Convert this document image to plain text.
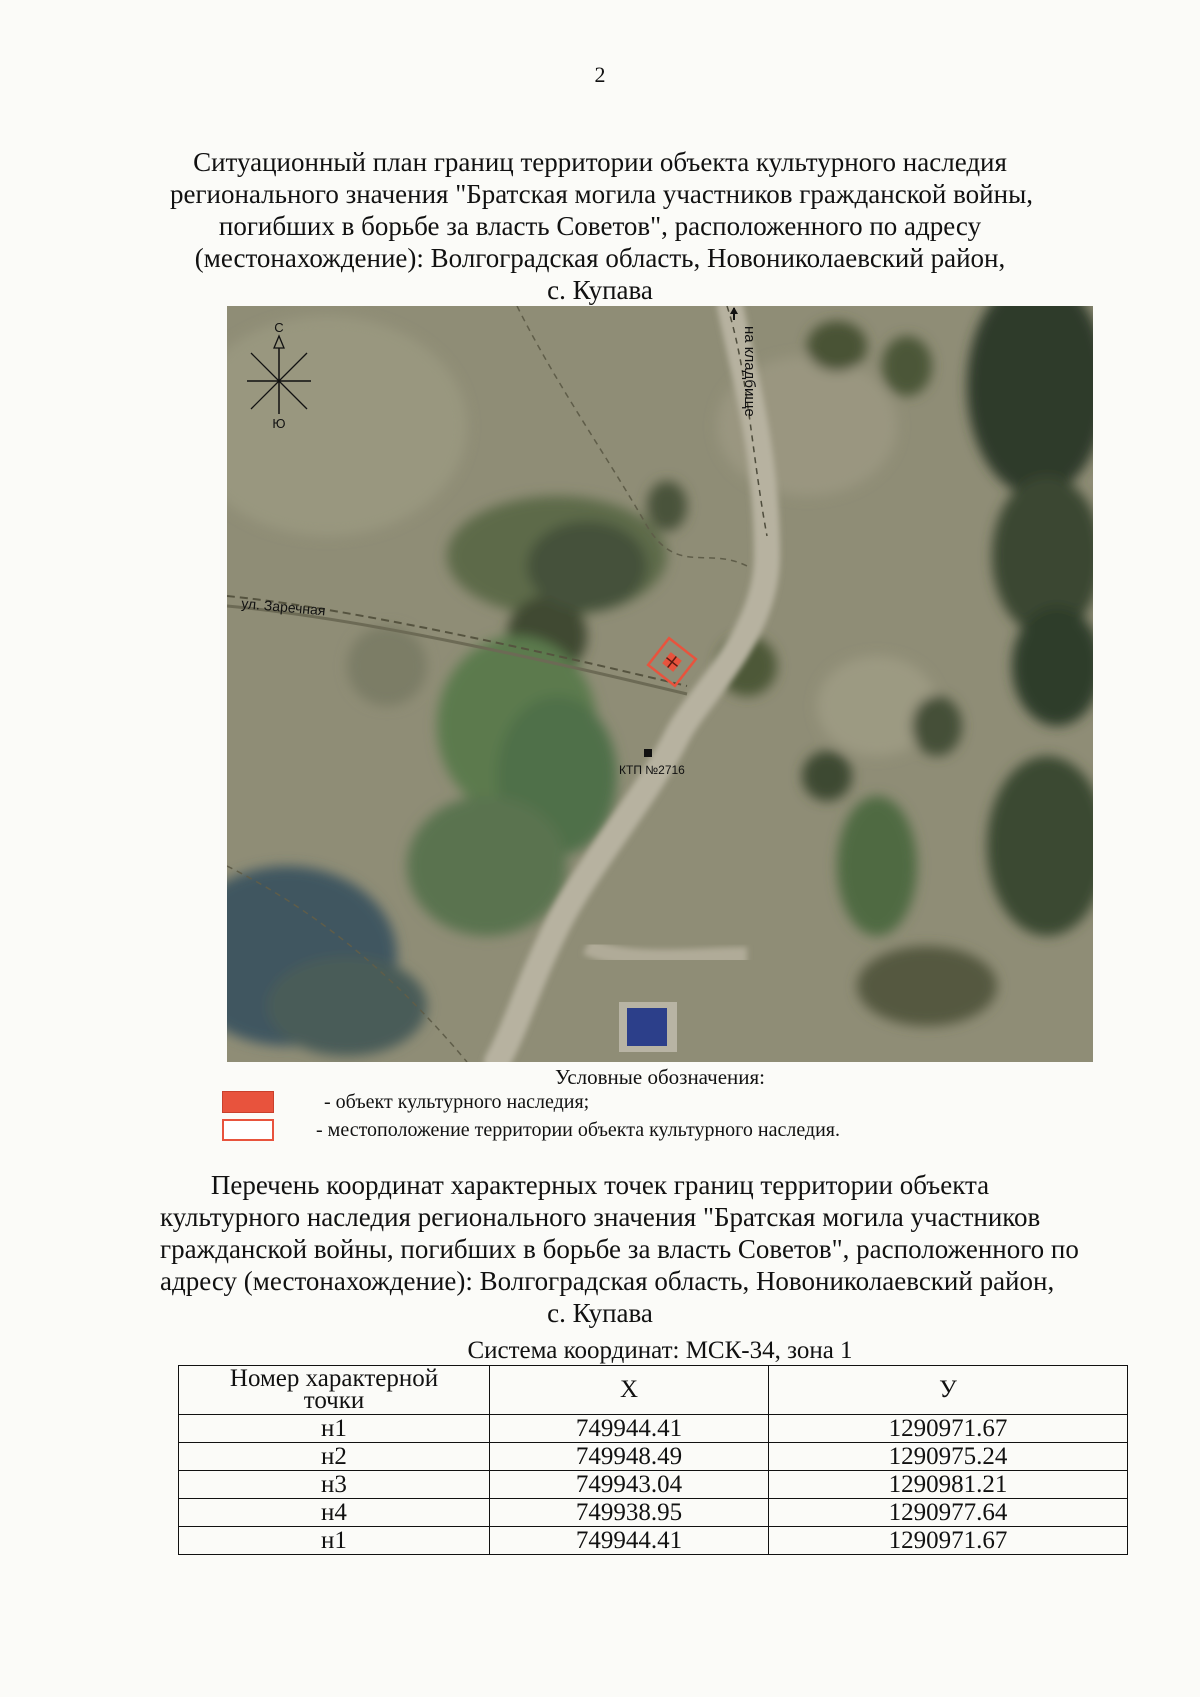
2
Ситуационный план границ территории объекта культурного наследия
регионального значения "Братская могила участников гражданской войны,
погибших в борьбе за власть Советов", расположенного по адресу
(местонахождение): Волгоградская область, Новониколаевский район,
с. Купава
на кладбище
ул. Заречная
КТП №2716
С
Ю
Условные обозначения:
- объект культурного наследия;
- местоположение территории объекта культурного наследия.
Перечень координат характерных точек границ территории объекта
культурного наследия регионального значения "Братская могила участников
гражданской войны, погибших в борьбе за власть Советов", расположенного по
адресу (местонахождение): Волгоградская область, Новониколаевский район,
с. Купава
Система координат: МСК-34, зона 1
Номер характерной
точки	X	У
н1	749944.41	1290971.67
н2	749948.49	1290975.24
н3	749943.04	1290981.21
н4	749938.95	1290977.64
н1	749944.41	1290971.67
